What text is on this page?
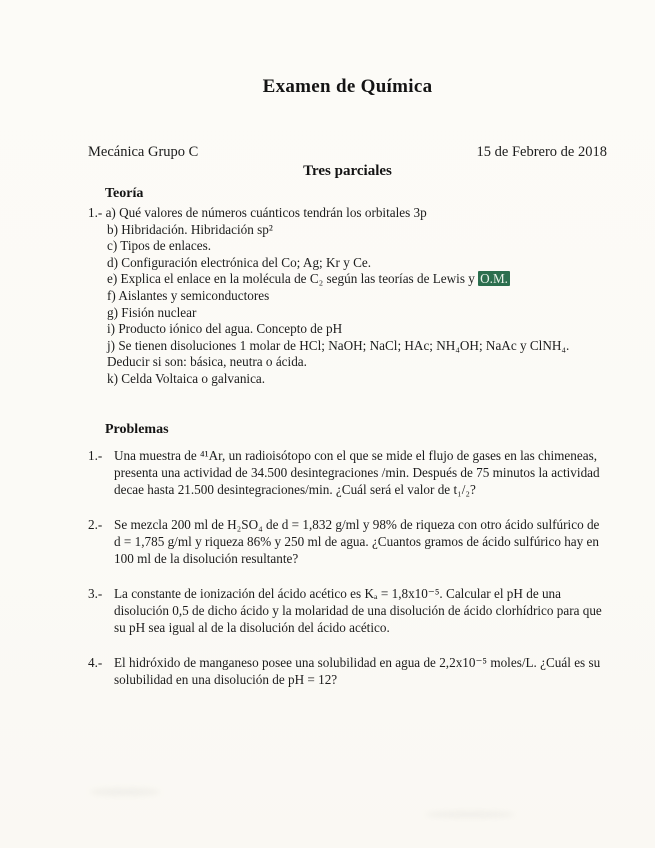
Examen de Química
Mecánica Grupo C	15 de Febrero de 2018
Tres parciales
Teoría
1.- a) Qué valores de números cuánticos tendrán los orbitales 3p
b) Hibridación. Hibridación sp²
c) Tipos de enlaces.
d) Configuración electrónica del Co; Ag; Kr y Ce.
e) Explica el enlace en la molécula de C₂ según las teorías de Lewis y O.M.
f) Aislantes y semiconductores
g) Fisión nuclear
i) Producto iónico del agua. Concepto de pH
j) Se tienen disoluciones 1 molar de HCl; NaOH; NaCl; HAc; NH₄OH; NaAc y ClNH₄. Deducir si son: básica, neutra o ácida.
k) Celda Voltaica o galvanica.
Problemas
1.- Una muestra de ⁴¹Ar, un radioisótopo con el que se mide el flujo de gases en las chimeneas, presenta una actividad de 34.500 desintegraciones /min. Después de 75 minutos la actividad decae hasta 21.500 desintegraciones/min. ¿Cuál será el valor de t₁/₂?
2.- Se mezcla 200 ml de H₂SO₄ de d = 1,832 g/ml y 98% de riqueza con otro ácido sulfúrico de d = 1,785 g/ml y riqueza 86% y 250 ml de agua. ¿Cuantos gramos de ácido sulfúrico hay en 100 ml de la disolución resultante?
3.- La constante de ionización del ácido acético es Kₐ = 1,8x10⁻⁵. Calcular el pH de una disolución 0,5 de dicho ácido y la molaridad de una disolución de ácido clorhídrico para que su pH sea igual al de la disolución del ácido acético.
4.- El hidróxido de manganeso posee una solubilidad en agua de 2,2x10⁻⁵ moles/L. ¿Cuál es su solubilidad en una disolución de pH = 12?
